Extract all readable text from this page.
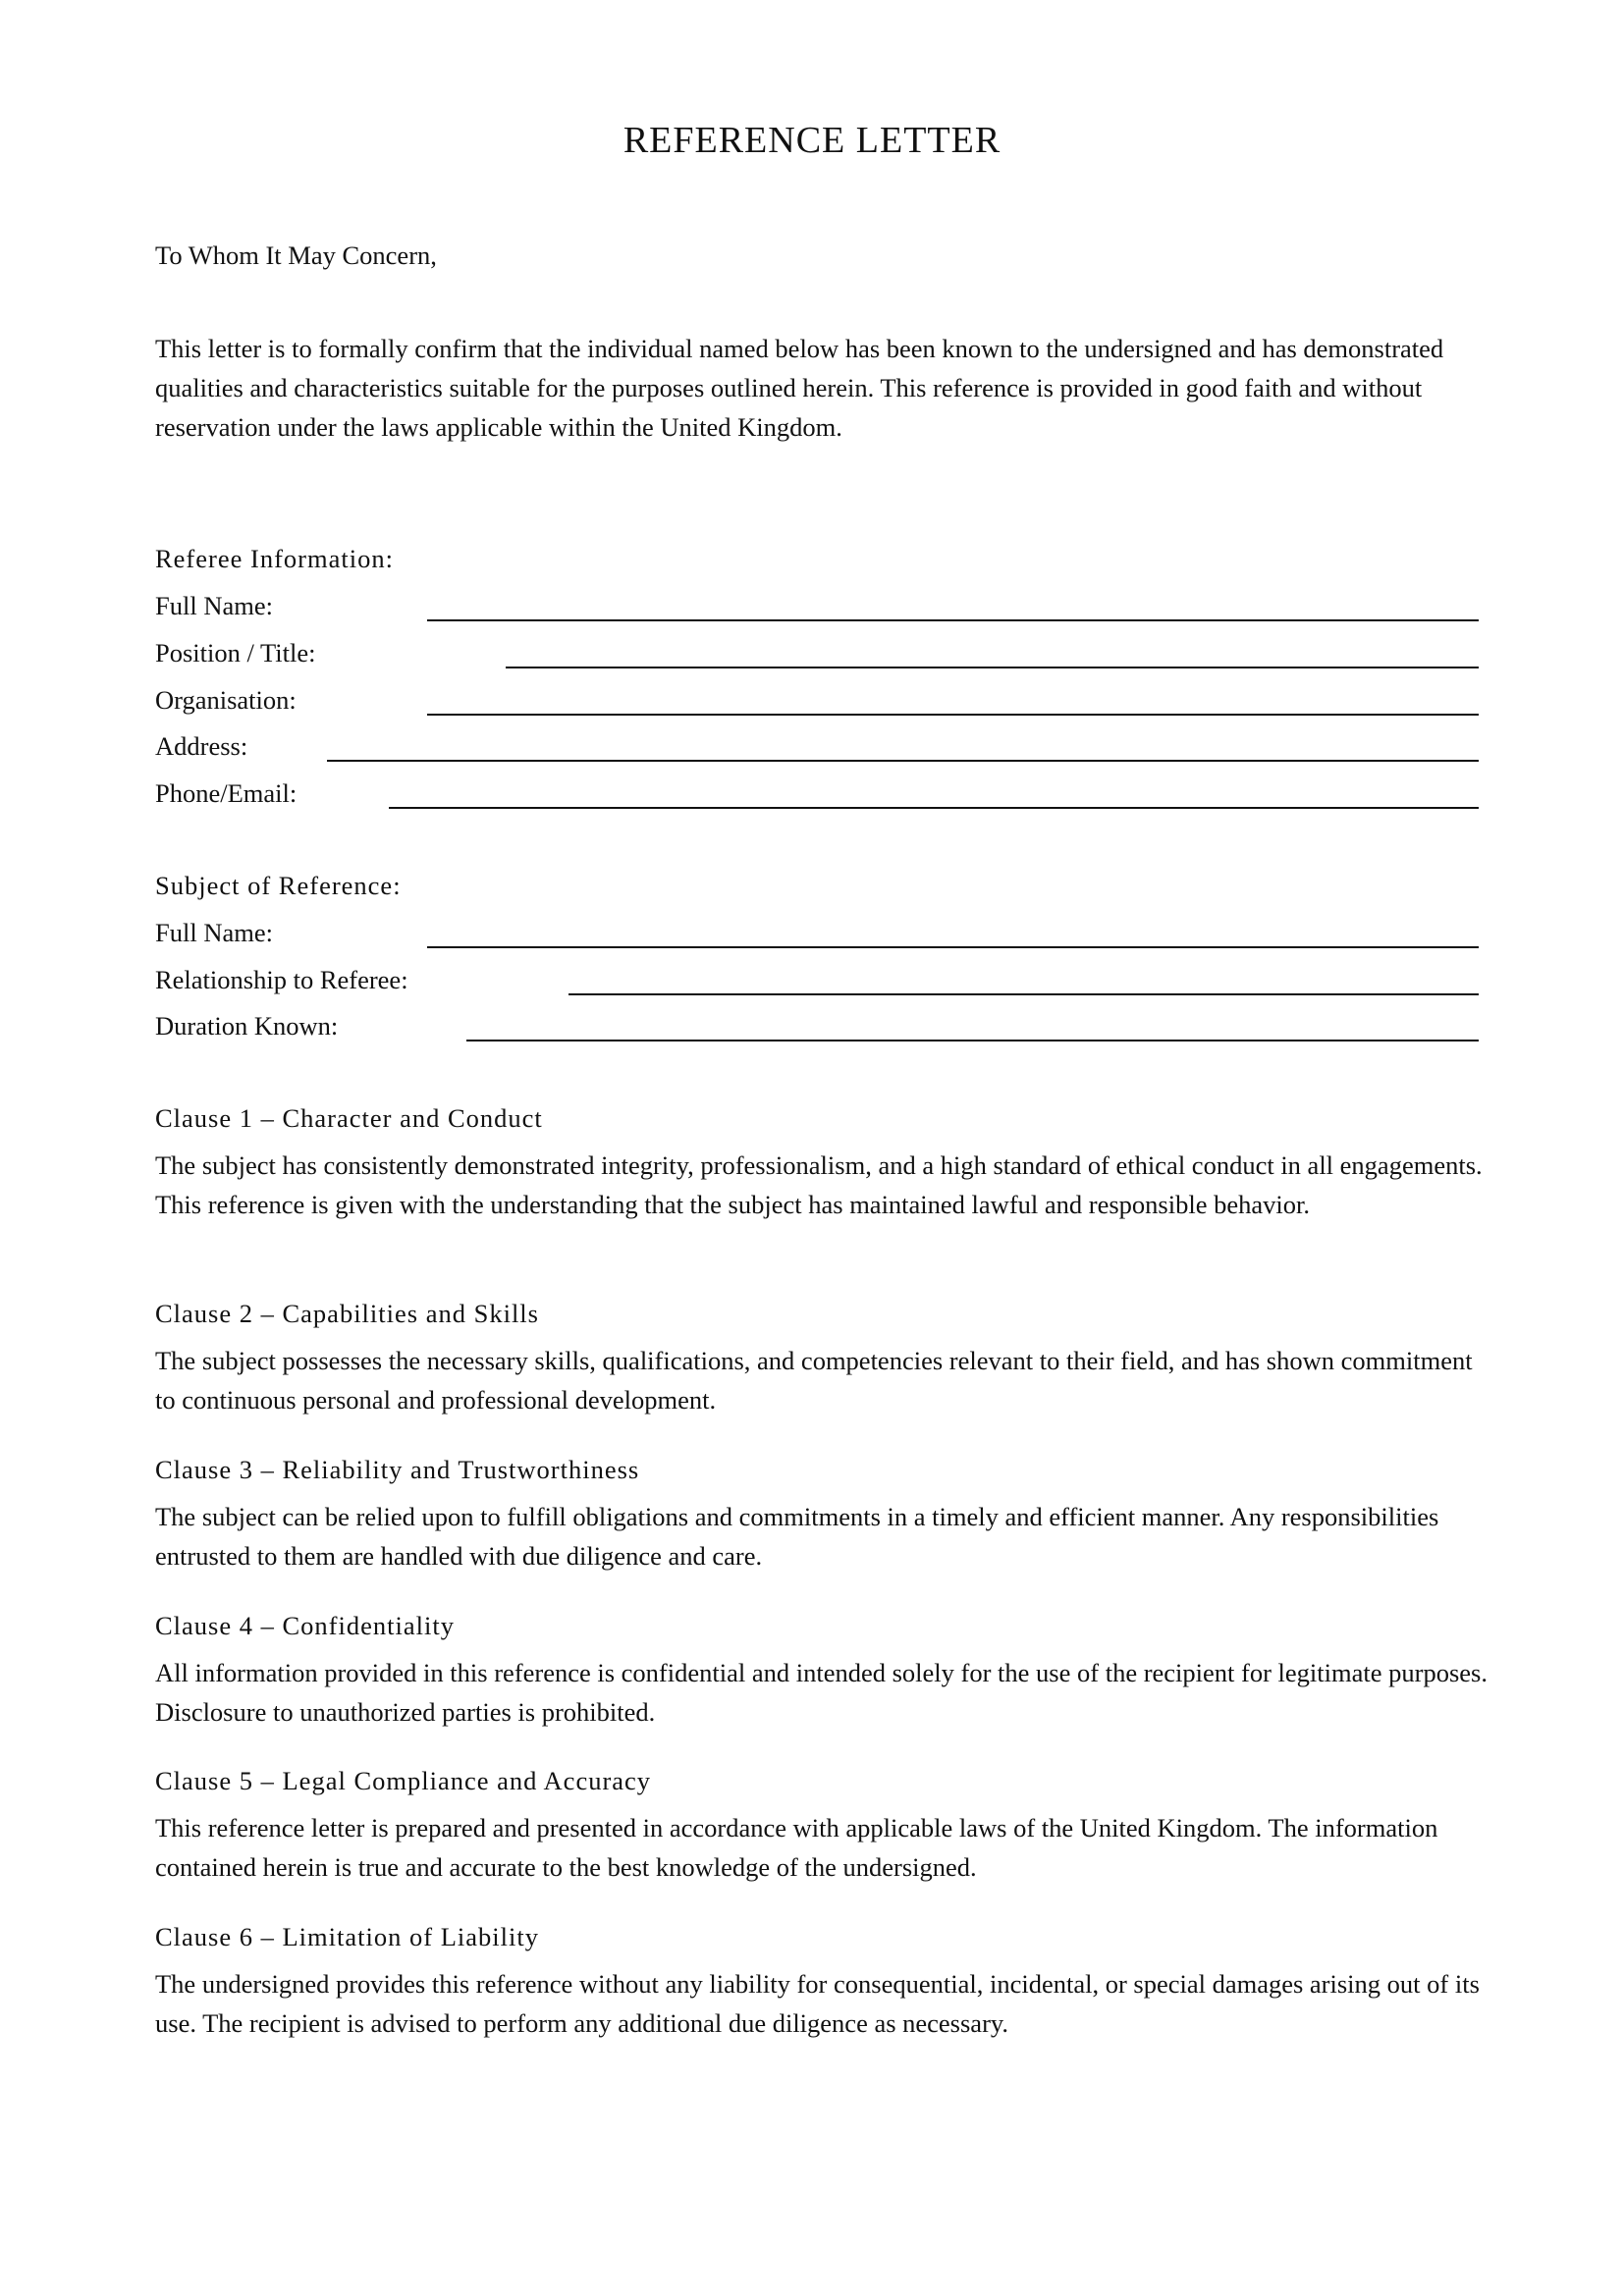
REFERENCE LETTER
To Whom It May Concern,
This letter is to formally confirm that the individual named below has been known to the undersigned and has demonstrated qualities and characteristics suitable for the purposes outlined herein. This reference is provided in good faith and without reservation under the laws applicable within the United Kingdom.
Referee Information:
Full Name:
Position / Title:
Organisation:
Address:
Phone/Email:
Subject of Reference:
Full Name:
Relationship to Referee:
Duration Known:
Clause 1 – Character and Conduct
The subject has consistently demonstrated integrity, professionalism, and a high standard of ethical conduct in all engagements. This reference is given with the understanding that the subject has maintained lawful and responsible behavior.
Clause 2 – Capabilities and Skills
The subject possesses the necessary skills, qualifications, and competencies relevant to their field, and has shown commitment to continuous personal and professional development.
Clause 3 – Reliability and Trustworthiness
The subject can be relied upon to fulfill obligations and commitments in a timely and efficient manner. Any responsibilities entrusted to them are handled with due diligence and care.
Clause 4 – Confidentiality
All information provided in this reference is confidential and intended solely for the use of the recipient for legitimate purposes. Disclosure to unauthorized parties is prohibited.
Clause 5 – Legal Compliance and Accuracy
This reference letter is prepared and presented in accordance with applicable laws of the United Kingdom. The information contained herein is true and accurate to the best knowledge of the undersigned.
Clause 6 – Limitation of Liability
The undersigned provides this reference without any liability for consequential, incidental, or special damages arising out of its use. The recipient is advised to perform any additional due diligence as necessary.
